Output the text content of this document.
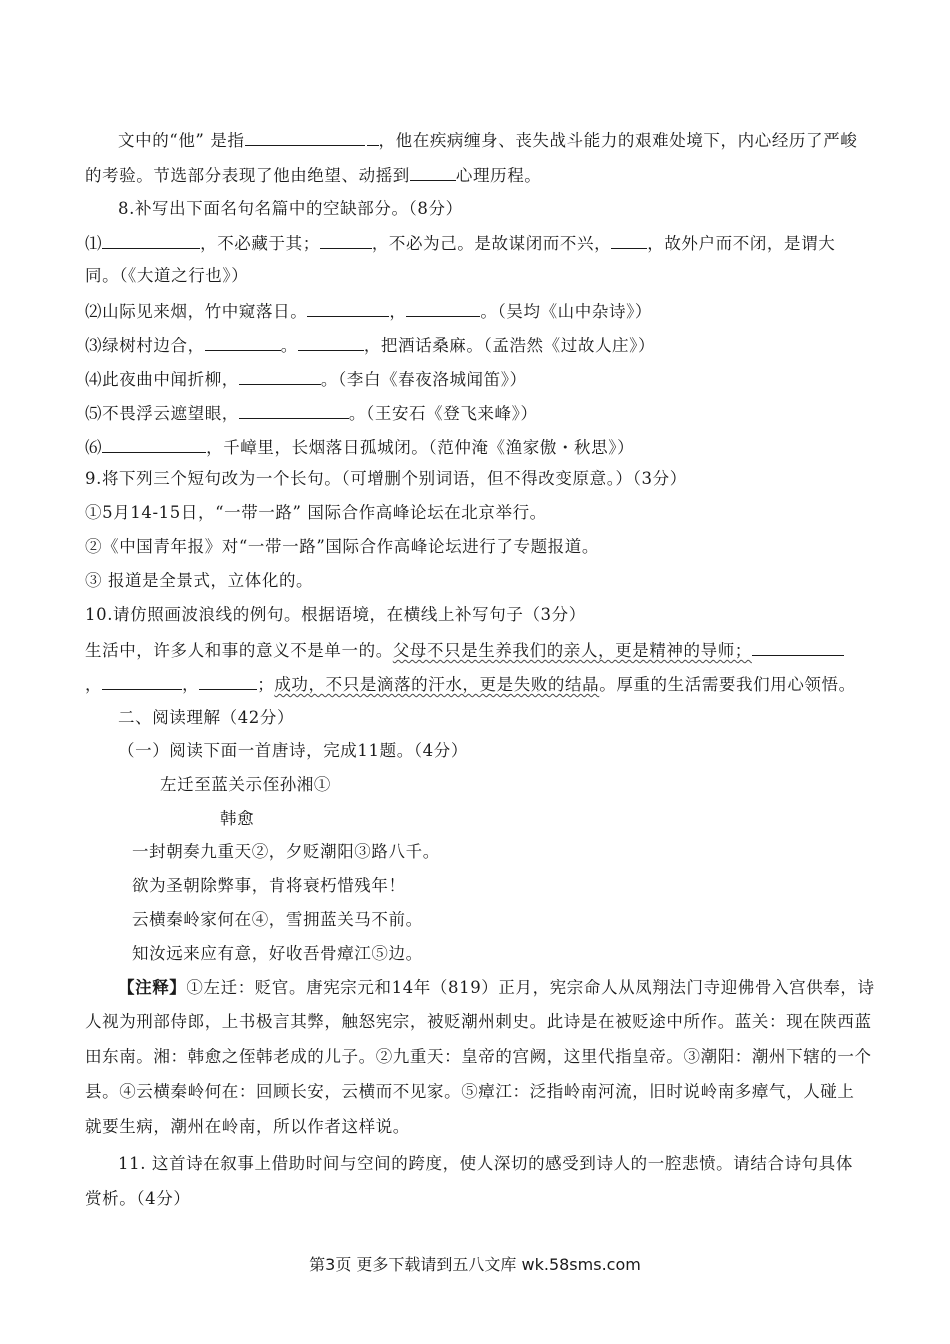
文中的“他” 是指	，他在疾病缠身、丧失战斗能力的艰难处境下，内心经历了严峻
的考验。节选部分表现了他由绝望、动摇到	心理历程。
8.补写出下面名句名篇中的空缺部分。（8分）
⑴	，不必藏于其；	，不必为己。是故谋闭而不兴， ，故外户而不闭，是谓大
同。（《大道之行也》）
⑵山际见来烟，竹中窥落日。	，	。（吴均《山中杂诗》）
⑶绿树村边合，	。	，把酒话桑麻。（孟浩然《过故人庄》）
⑷此夜曲中闻折柳，	。（李白《春夜洛城闻笛》）
⑸不畏浮云遮望眼，	。（王安石《登飞来峰》）
⑹	，千嶂里，长烟落日孤城闭。（范仲淹《渔家傲・秋思》）
9.将下列三个短句改为一个长句。（可增删个别词语，但不得改变原意。）（3分）
①5月14-15日，“一带一路” 国际合作高峰论坛在北京举行。
②《中国青年报》对“一带一路”国际合作高峰论坛进行了专题报道。
③ 报道是全景式，立体化的。
10.请仿照画波浪线的例句。根据语境，在横线上补写句子（3分）
生活中，许多人和事的意义不是单一的。父母不只是生养我们的亲人，更是精神的导师；
，	，	；成功，不只是滴落的汗水，更是失败的结晶。厚重的生活需要我们用心领悟。
二、阅读理解（42分）
（一）阅读下面一首唐诗，完成11题。（4分）
左迁至蓝关示侄孙湘①
韩愈
一封朝奏九重天②，夕贬潮阳③路八千。
欲为圣朝除弊事，肯将衰朽惜残年！
云横秦岭家何在④，雪拥蓝关马不前。
知汝远来应有意，好收吾骨瘴江⑤边。
【注释】①左迁：贬官。唐宪宗元和14年（819）正月，宪宗命人从凤翔法门寺迎佛骨入宫供奉，诗
人视为刑部侍郎，上书极言其弊，触怒宪宗，被贬潮州刺史。此诗是在被贬途中所作。蓝关：现在陕西蓝
田东南。湘：韩愈之侄韩老成的儿子。②九重天：皇帝的宫阙，这里代指皇帝。③潮阳：潮州下辖的一个
县。④云横秦岭何在：回顾长安，云横而不见家。⑤瘴江：泛指岭南河流，旧时说岭南多瘴气，人碰上
就要生病，潮州在岭南，所以作者这样说。
11. 这首诗在叙事上借助时间与空间的跨度，使人深切的感受到诗人的一腔悲愤。请结合诗句具体
赏析。（4分）
第3页 更多下载请到五八文库 wk.58sms.com
